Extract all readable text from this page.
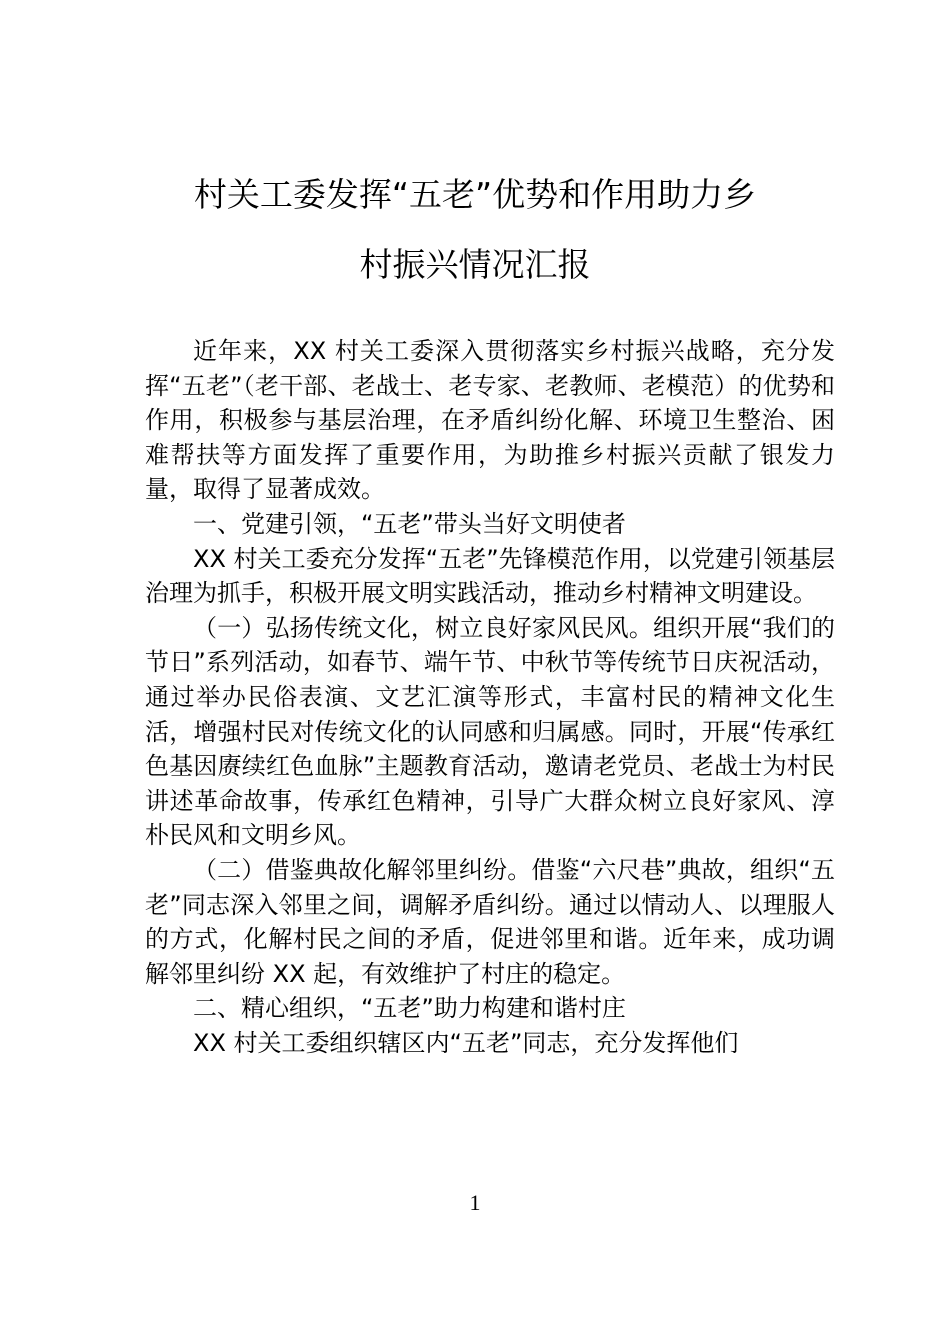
村关工委发挥“五老”优势和作用助力乡
村振兴情况汇报

近年来，XX 村关工委深入贯彻落实乡村振兴战略，充分发挥“五老”（老干部、老战士、老专家、老教师、老模范）的优势和作用，积极参与基层治理，在矛盾纠纷化解、环境卫生整治、困难帮扶等方面发挥了重要作用，为助推乡村振兴贡献了银发力量，取得了显著成效。

一、党建引领，“五老”带头当好文明使者

XX 村关工委充分发挥“五老”先锋模范作用，以党建引领基层治理为抓手，积极开展文明实践活动，推动乡村精神文明建设。

（一）弘扬传统文化，树立良好家风民风。组织开展“我们的节日”系列活动，如春节、端午节、中秋节等传统节日庆祝活动，通过举办民俗表演、文艺汇演等形式，丰富村民的精神文化生活，增强村民对传统文化的认同感和归属感。同时，开展“传承红色基因赓续红色血脉”主题教育活动，邀请老党员、老战士为村民讲述革命故事，传承红色精神，引导广大群众树立良好家风、淳朴民风和文明乡风。

（二）借鉴典故化解邻里纠纷。借鉴“六尺巷”典故，组织“五老”同志深入邻里之间，调解矛盾纠纷。通过以情动人、以理服人的方式，化解村民之间的矛盾，促进邻里和谐。近年来，成功调解邻里纠纷 XX 起，有效维护了村庄的稳定。

二、精心组织，“五老”助力构建和谐村庄

XX 村关工委组织辖区内“五老”同志，充分发挥他们

1
